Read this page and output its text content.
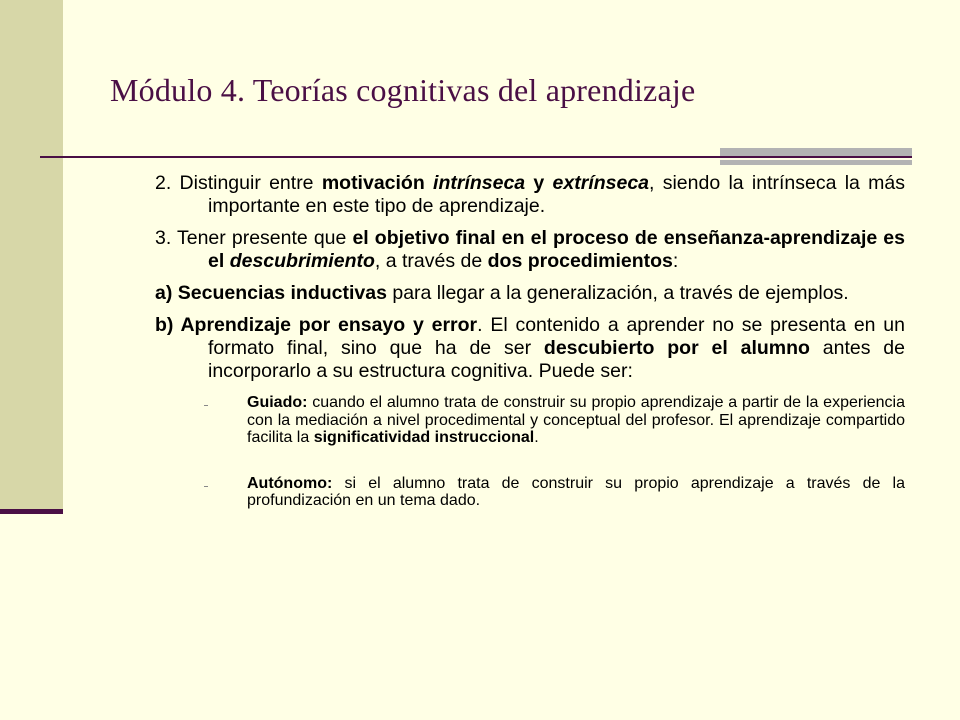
Módulo 4. Teorías cognitivas del aprendizaje

2. Distinguir entre motivación intrínseca y extrínseca, siendo la intrínseca la más importante en este tipo de aprendizaje.

3. Tener presente que el objetivo final en el proceso de enseñanza-aprendizaje es el descubrimiento, a través de dos procedimientos:

a) Secuencias inductivas para llegar a la generalización, a través de ejemplos.

b) Aprendizaje por ensayo y error. El contenido a aprender no se presenta en un formato final, sino que ha de ser descubierto por el alumno antes de incorporarlo a su estructura cognitiva. Puede ser:

Guiado: cuando el alumno trata de construir su propio aprendizaje a partir de la experiencia con la mediación a nivel procedimental y conceptual del profesor. El aprendizaje compartido facilita la significatividad instruccional.
Autónomo: si el alumno trata de construir su propio aprendizaje a través de la profundización en un tema dado.
